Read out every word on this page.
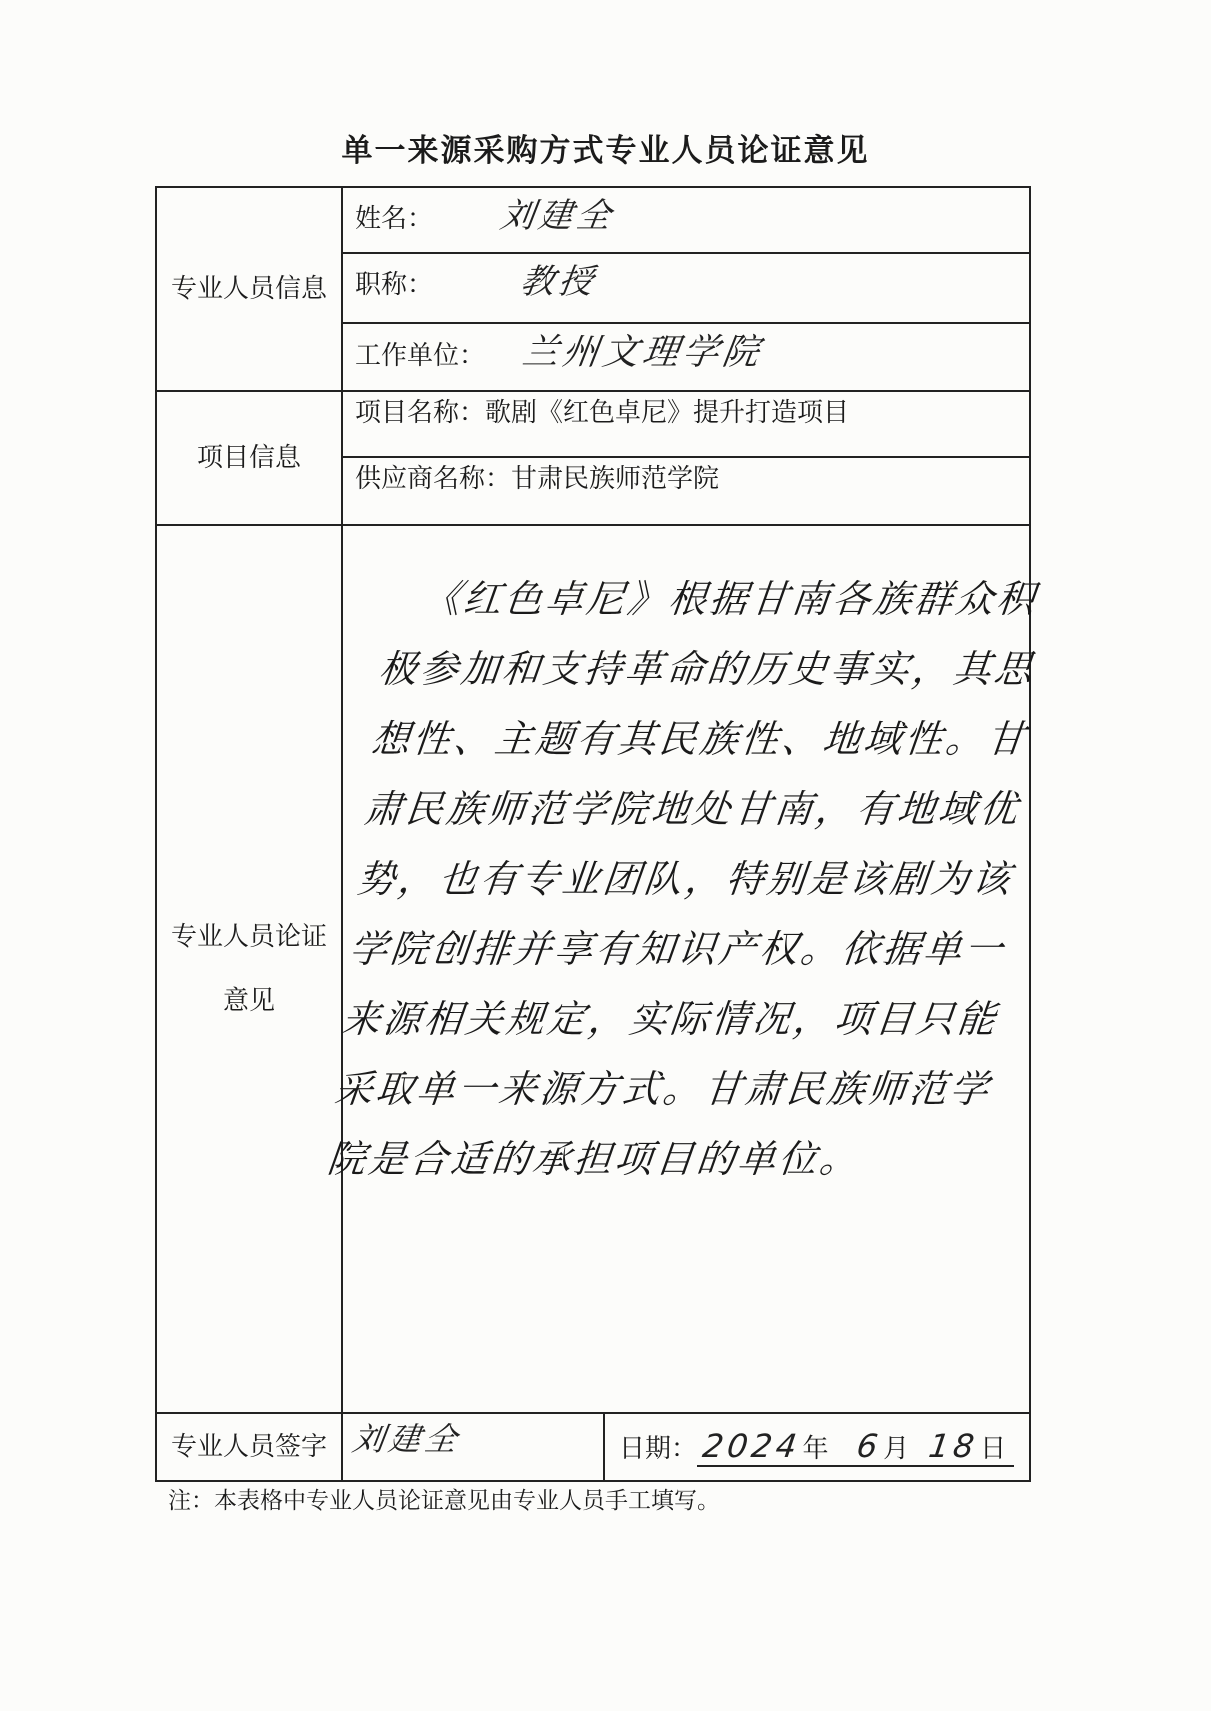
单一来源采购方式专业人员论证意见
专业人员信息	姓名： 刘建全	

	职称： 教授	

	工作单位： 兰州文理学院	

项目信息	项目名称：歌剧《红色卓尼》提升打造项目	

	供应商名称：甘肃民族师范学院	

专业人员论证
意见	《红色卓尼》根据甘南各族群众积极参加和支持革命的历史事实，其思想性、主题有其民族性、地域性。甘肃民族师范学院地处甘南，有地域优势，也有专业团队，特别是该剧为该学院创排并享有知识产权。依据单一来源相关规定，实际情况，项目只能采取单一来源方式。甘肃民族师范学院是合适的承担项目的单位。	

专业人员签字	刘建全	日期： 2024年 6月 18日
注：本表格中专业人员论证意见由专业人员手工填写。
